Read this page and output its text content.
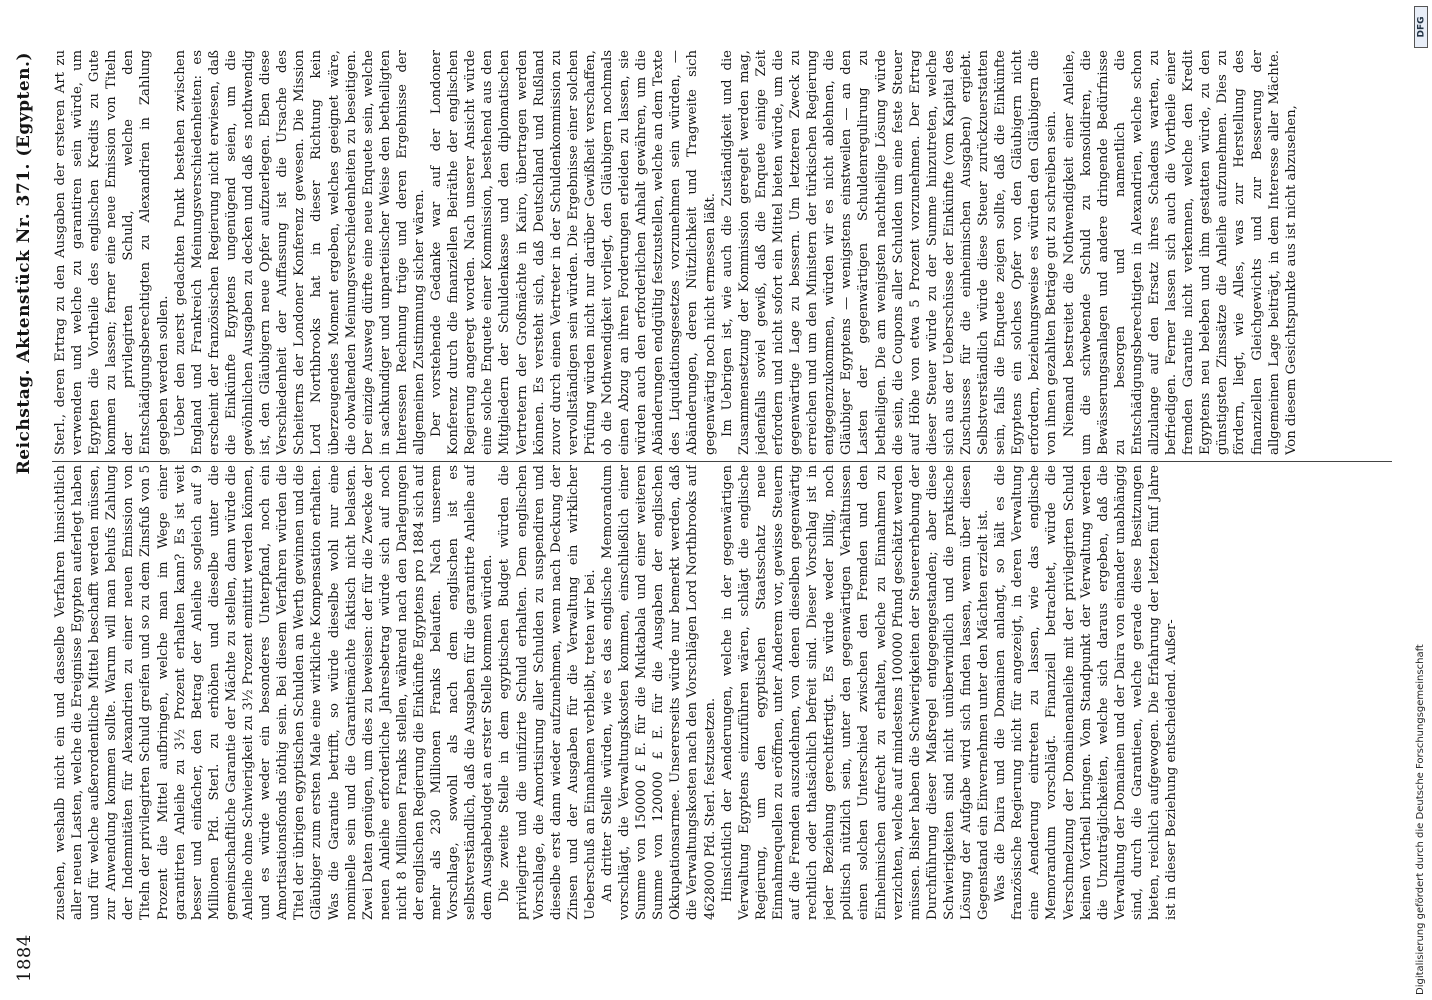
1884
Reichstag. Aktenstück Nr. 371. (Egypten.) Sterl., deren Ertrag zu den Ausgaben der ersteren Art zu verwenden und welche zu garantiren sein würde, um Egypten die Vortheile des englischen Kredits zu Gute kommen zu lassen; ferner eine neue Emission von Titeln der privilegirten Schuld, welche den Entschädigungsberechtigten zu Alexandrien in Zahlung gegeben werden sollen. Ueber den zuerst gedachten Punkt bestehen zwischen England und Frankreich Meinungsverschiedenheiten: es erscheint der französischen Regierung nicht erwiesen, daß die Einkünfte Egyptens ungenügend seien, um die gewöhnlichen Ausgaben zu decken und daß es nothwendig ist, den Gläubigern neue Opfer aufzuerlegen. Eben diese Verschiedenheit der Auffassung ist die Ursache des Scheiterns der Londoner Konferenz gewesen. Die Mission Lord Northbrooks hat in dieser Richtung kein überzeugendes Moment ergeben, welches geeignet wäre, die obwaltenden Meinungsverschiedenheiten zu beseitigen. Der einzige Ausweg dürfte eine neue Enquete sein, welche in sachkundiger und unparteiischer Weise den betheiligten Interessen Rechnung trüge und deren Ergebnisse der allgemeinen Zustimmung sicher wären. Der vorstehende Gedanke war auf der Londoner Konferenz durch die finanziellen Beiräthe der englischen Regierung angeregt worden. Nach unserer Ansicht würde eine solche Enquete einer Kommission, bestehend aus den Mitgliedern der Schuldenkasse und den diplomatischen Vertretern der Großmächte in Kairo, übertragen werden können. Es versteht sich, daß Deutschland und Rußland zuvor durch einen Vertreter in der Schuldenkommission zu vervollständigen sein würden. Die Ergebnisse einer solchen Prüfung würden nicht nur darüber Gewißheit verschaffen, ob die Nothwendigkeit vorliegt, den Gläubigern nochmals einen Abzug an ihren Forderungen erleiden zu lassen, sie würden auch den erforderlichen Anhalt gewähren, um die Abänderungen endgültig festzustellen, welche an dem Texte des Liquidationsgesetzes vorzunehmen sein würden, — Abänderungen, deren Nützlichkeit und Tragweite sich gegenwärtig noch nicht ermessen läßt. Im Uebrigen ist, wie auch die Zuständigkeit und die Zusammensetzung der Kommission geregelt werden mag, jedenfalls soviel gewiß, daß die Enquete einige Zeit erfordern und nicht sofort ein Mittel bieten würde, um die gegenwärtige Lage zu bessern. Um letzteren Zweck zu erreichen und um den Ministern der türkischen Regierung entgegenzukommen, würden wir es nicht ablehnen, die Gläubiger Egyptens — wenigstens einstweilen — an den Lasten der gegenwärtigen Schuldenregulirung zu betheiligen. Die am wenigsten nachtheilige Lösung würde die sein, die Coupons aller Schulden um eine feste Steuer auf Höhe von etwa 5 Prozent vorzunehmen. Der Ertrag dieser Steuer würde zu der Summe hinzutreten, welche sich aus der Ueberschüsse der Einkünfte (vom Kapital des Zuschusses für die einheimischen Ausgaben) ergiebt. Selbstverständlich würde diese Steuer zurückzuerstatten sein, falls die Enquete zeigen sollte, daß die Einkünfte Egyptens ein solches Opfer von den Gläubigern nicht erfordern, beziehungsweise es würden den Gläubigern die von ihnen gezahlten Beträge gut zu schreiben sein. Niemand bestreitet die Nothwendigkeit einer Anleihe, um die schwebende Schuld zu konsolidiren, die Bewässerungsanlagen und andere dringende Bedürfnisse zu besorgen und namentlich die Entschädigungsberechtigten in Alexandrien, welche schon allzulange auf den Ersatz ihres Schadens warten, zu befriedigen. Ferner lassen sich auch die Vortheile einer fremden Garantie nicht verkennen, welche den Kredit Egyptens neu beleben und ihm gestatten würde, zu den günstigsten Zinssätze die Anleihe aufzunehmen. Dies zu fördern, liegt, wie Alles, was zur Herstellung des finanziellen Gleichgewichts und zur Besserung der allgemeinen Lage beiträgt, in dem Interesse aller Mächte. Von diesem Gesichtspunkte aus ist nicht abzusehen,

zusehen, weshalb nicht ein und dasselbe Verfahren hinsichtlich aller neuen Lasten, welche die Ereignisse Egypten auferlegt haben und für welche außerordentliche Mittel beschafft werden müssen, zur Anwendung kommen sollte. Warum will man behufs Zahlung der Indemnitäten für Alexandrien zu einer neuen Emission von Titeln der privilegirten Schuld greifen und so zu dem Zinsfuß von 5 Prozent die Mittel aufbringen, welche man im Wege einer garantirten Anleihe zu 3½ Prozent erhalten kann? Es ist weit besser und einfacher, den Betrag der Anleihe sogleich auf 9 Millionen Pfd. Sterl. zu erhöhen und dieselbe unter die gemeinschaftliche Garantie der Mächte zu stellen, dann würde die Anleihe ohne Schwierigkeit zu 3½ Prozent emittirt werden können, und es würde weder ein besonderes Unterpfand, noch ein Amortisationsfonds nöthig sein. Bei diesem Verfahren würden die Titel der übrigen egyptischen Schulden an Werth gewinnen und die Gläubiger zum ersten Male eine wirkliche Kompensation erhalten. Was die Garantie betrifft, so würde dieselbe wohl nur eine nominelle sein und die Garantiemächte faktisch nicht belasten. Zwei Daten genügen, um dies zu beweisen: der für die Zwecke der neuen Anleihe erforderliche Jahresbetrag würde sich auf noch nicht 8 Millionen Franks stellen, während nach den Darlegungen der englischen Regierung die Einkünfte Egyptens pro 1884 sich auf mehr als 230 Millionen Franks belaufen. Nach unserem Vorschlage, sowohl als nach dem englischen ist es selbstverständlich, daß die Ausgaben für die garantirte Anleihe auf dem Ausgabebudget an erster Stelle kommen würden. Die zweite Stelle in dem egyptischen Budget würden die privilegirte und die unifizirte Schuld erhalten. Dem englischen Vorschlage, die Amortisirung aller Schulden zu suspendiren und dieselbe erst dann wieder aufzunehmen, wenn nach Deckung der Zinsen und der Ausgaben für die Verwaltung ein wirklicher Ueberschuß an Einnahmen verbleibt, treten wir bei. An dritter Stelle würden, wie es das englische Memorandum vorschlägt, die Verwaltungskosten kommen, einschließlich einer Summe von 150000 £ E. für die Muktabala und einer weiteren Summe von 120000 £ E. für die Ausgaben der englischen Okkupationsarmee. Unsererseits würde nur bemerkt werden, daß die Verwaltungskosten nach den Vorschlägen Lord Northbrooks auf 4628000 Pfd. Sterl. festzusetzen. Hinsichtlich der Aenderungen, welche in der gegenwärtigen Verwaltung Egyptens einzuführen wären, schlägt die englische Regierung, um den egyptischen Staatsschatz neue Einnahmequellen zu eröffnen, unter Anderem vor, gewisse Steuern auf die Fremden auszudehnen, von denen dieselben gegenwärtig rechtlich oder thatsächlich befreit sind. Dieser Vorschlag ist in jeder Beziehung gerechtfertigt. Es würde weder billig, noch politisch nützlich sein, unter den gegenwärtigen Verhältnissen einen solchen Unterschied zwischen den Fremden und den Einheimischen aufrecht zu erhalten, welche zu Einnahmen zu verzichten, welche auf mindestens 100000 Pfund geschätzt werden müssen. Bisher haben die Schwierigkeiten der Steuererhebung der Durchführung dieser Maßregel entgegengestanden; aber diese Schwierigkeiten sind nicht unüberwindlich und die praktische Lösung der Aufgabe wird sich finden lassen, wenn über diesen Gegenstand ein Einvernehmen unter den Mächten erzielt ist. Was die Daira und die Domainen anlangt, so hält es die französische Regierung nicht für angezeigt, in deren Verwaltung eine Aenderung eintreten zu lassen, wie das englische Memorandum vorschlägt. Finanziell betrachtet, würde die Verschmelzung der Domainenanleihe mit der privilegirten Schuld keinen Vortheil bringen. Vom Standpunkt der Verwaltung werden die Unzuträglichkeiten, welche sich daraus ergeben, daß die Verwaltung der Domainen und der Daira von einander unabhängig sind, durch die Garantieen, welche gerade diese Besitzungen bieten, reichlich aufgewogen. Die Erfahrung der letzten fünf Jahre ist in dieser Beziehung entscheidend. Außer-

DFG
Digitalisierung gefördert durch die Deutsche Forschungsgemeinschaft
